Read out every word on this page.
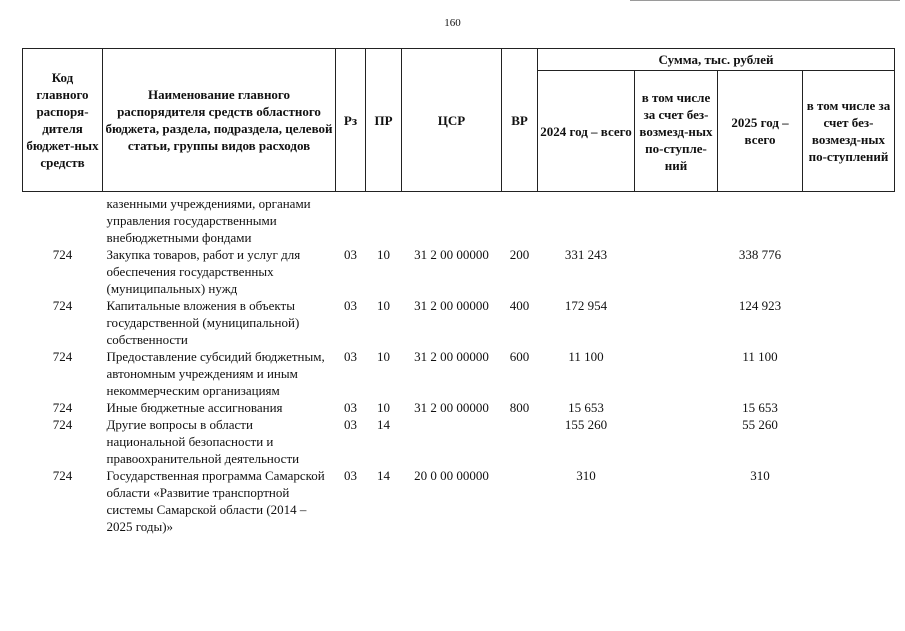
160
Код главного распоря-дителя бюджет-ных средств	Наименование главного распорядителя средств областного бюджета, раздела, подраздела, целевой статьи, группы видов расходов	Рз	ПР	ЦСР	ВР	Сумма, тыс. рублей			
						2024 год – всего	в том числе за счет без-возмезд-ных по-ступле-ний	2025 год – всего	в том числе за счет без-возмезд-ных по-ступлений

	казенными учреждениями, органами управления государственными внебюджетными фондами								
724	Закупка товаров, работ и услуг для обеспечения государственных (муниципальных) нужд	03	10	31 2 00 00000	200	331 243		338 776	
724	Капитальные вложения в объекты государственной (муниципальной) собственности	03	10	31 2 00 00000	400	172 954		124 923	
724	Предоставление субсидий бюджетным, автономным учреждениям и иным некоммерческим организациям	03	10	31 2 00 00000	600	11 100		11 100	
724	Иные бюджетные ассигнования	03	10	31 2 00 00000	800	15 653		15 653	
724	Другие вопросы в области национальной безопасности и правоохранительной деятельности	03	14			155 260		55 260	
724	Государственная программа Самарской области «Развитие транспортной системы Самарской области (2014 – 2025 годы)»	03	14	20 0 00 00000		310		310	
